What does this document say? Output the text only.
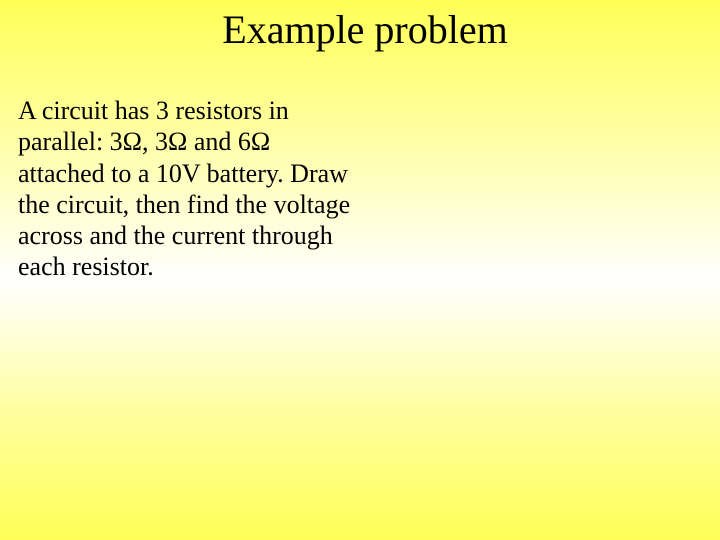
Example problem
A circuit has 3 resistors in
parallel: 3Ω, 3Ω and 6Ω
attached to a 10V battery. Draw
the circuit, then find the voltage
across and the current through
each resistor.
